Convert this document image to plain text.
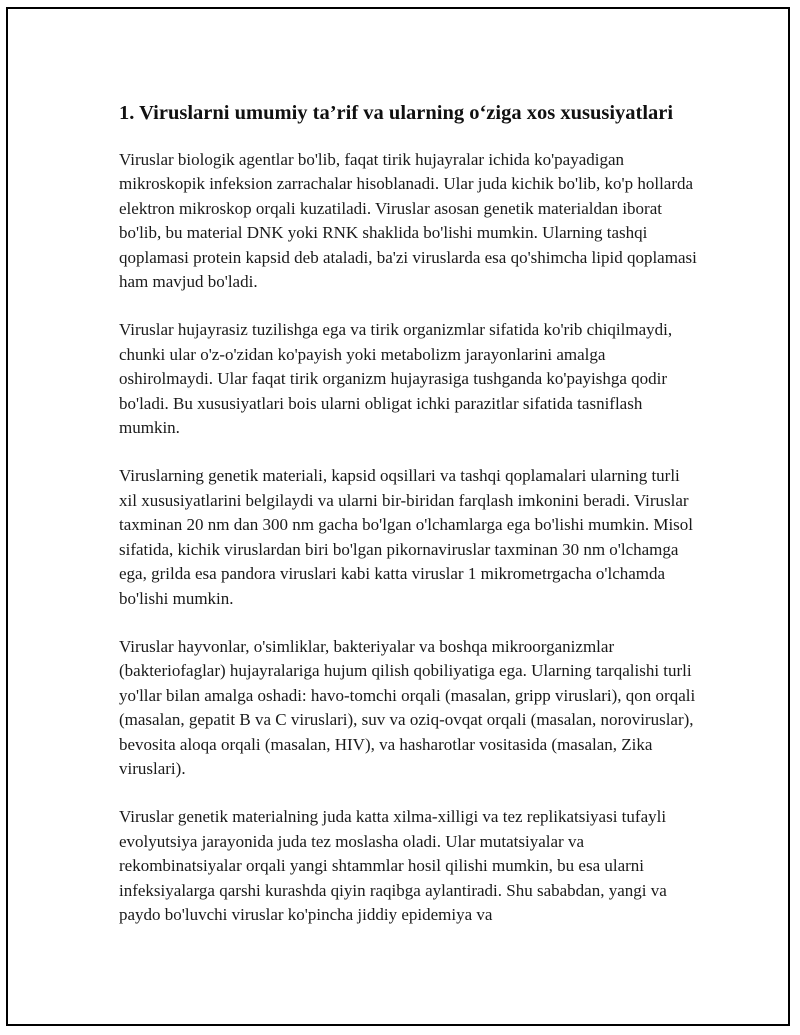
1. Viruslarni umumiy ta’rif va ularning o‘ziga xos xususiyatlari

Viruslar biologik agentlar bo'lib, faqat tirik hujayralar ichida ko'payadigan mikroskopik infeksion zarrachalar hisoblanadi. Ular juda kichik bo'lib, ko'p hollarda elektron mikroskop orqali kuzatiladi. Viruslar asosan genetik materialdan iborat bo'lib, bu material DNK yoki RNK shaklida bo'lishi mumkin. Ularning tashqi qoplamasi protein kapsid deb ataladi, ba'zi viruslarda esa qo'shimcha lipid qoplamasi ham mavjud bo'ladi.

Viruslar hujayrasiz tuzilishga ega va tirik organizmlar sifatida ko'rib chiqilmaydi, chunki ular o'z-o'zidan ko'payish yoki metabolizm jarayonlarini amalga oshirolmaydi. Ular faqat tirik organizm hujayrasiga tushganda ko'payishga qodir bo'ladi. Bu xususiyatlari bois ularni obligat ichki parazitlar sifatida tasniflash mumkin.

Viruslarning genetik materiali, kapsid oqsillari va tashqi qoplamalari ularning turli xil xususiyatlarini belgilaydi va ularni bir-biridan farqlash imkonini beradi. Viruslar taxminan 20 nm dan 300 nm gacha bo'lgan o'lchamlarga ega bo'lishi mumkin. Misol sifatida, kichik viruslardan biri bo'lgan pikornaviruslar taxminan 30 nm o'lchamga ega, grilda esa pandora viruslari kabi katta viruslar 1 mikrometrgacha o'lchamda bo'lishi mumkin.

Viruslar hayvonlar, o'simliklar, bakteriyalar va boshqa mikroorganizmlar (bakteriofaglar) hujayralariga hujum qilish qobiliyatiga ega. Ularning tarqalishi turli yo'llar bilan amalga oshadi: havo-tomchi orqali (masalan, gripp viruslari), qon orqali (masalan, gepatit B va C viruslari), suv va oziq-ovqat orqali (masalan, noroviruslar), bevosita aloqa orqali (masalan, HIV), va hasharotlar vositasida (masalan, Zika viruslari).

Viruslar genetik materialning juda katta xilma-xilligi va tez replikatsiyasi tufayli evolyutsiya jarayonida juda tez moslasha oladi. Ular mutatsiyalar va rekombinatsiyalar orqali yangi shtammlar hosil qilishi mumkin, bu esa ularni infeksiyalarga qarshi kurashda qiyin raqibga aylantiradi. Shu sababdan, yangi va paydo bo'luvchi viruslar ko'pincha jiddiy epidemiya va
